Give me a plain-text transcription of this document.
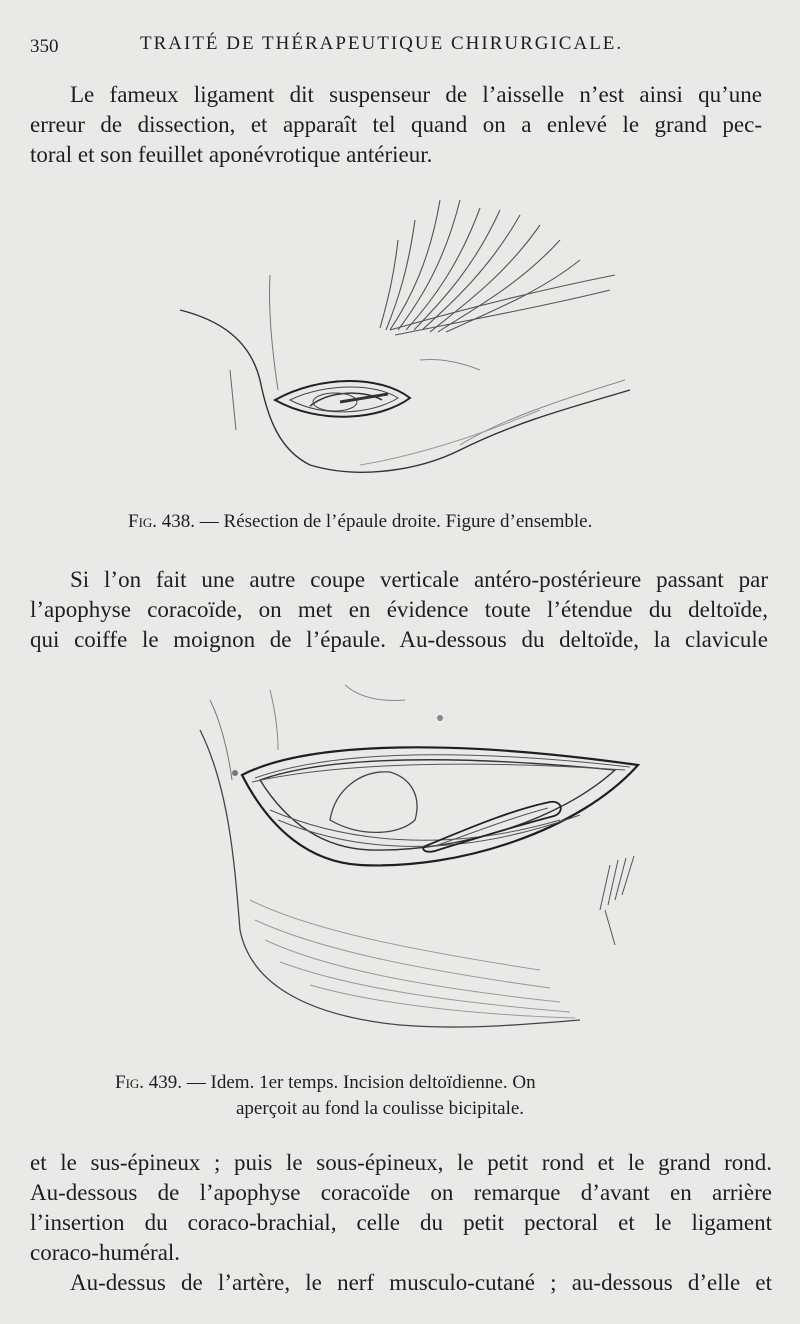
350	TRAITÉ DE THÉRAPEUTIQUE CHIRURGICALE.
Le fameux ligament dit suspenseur de l’aisselle n’est ainsi qu’une
erreur de dissection, et apparaît tel quand on a enlevé le grand pec-
toral et son feuillet aponévrotique antérieur.
Fig. 438. — Résection de l’épaule droite. Figure d’ensemble.
Si l’on fait une autre coupe verticale antéro-postérieure passant par
l’apophyse coracoïde, on met en évidence toute l’étendue du deltoïde,
qui coiffe le moignon de l’épaule. Au-dessous du deltoïde, la clavicule
Fig. 439. — Idem. 1er temps. Incision deltoïdienne. On
aperçoit au fond la coulisse bicipitale.
et le sus-épineux ; puis le sous-épineux, le petit rond et le grand rond.
Au-dessous de l’apophyse coracoïde on remarque d’avant en arrière
l’insertion du coraco-brachial, celle du petit pectoral et le ligament
coraco-huméral.
Au-dessus de l’artère, le nerf musculo-cutané ; au-dessous d’elle et
